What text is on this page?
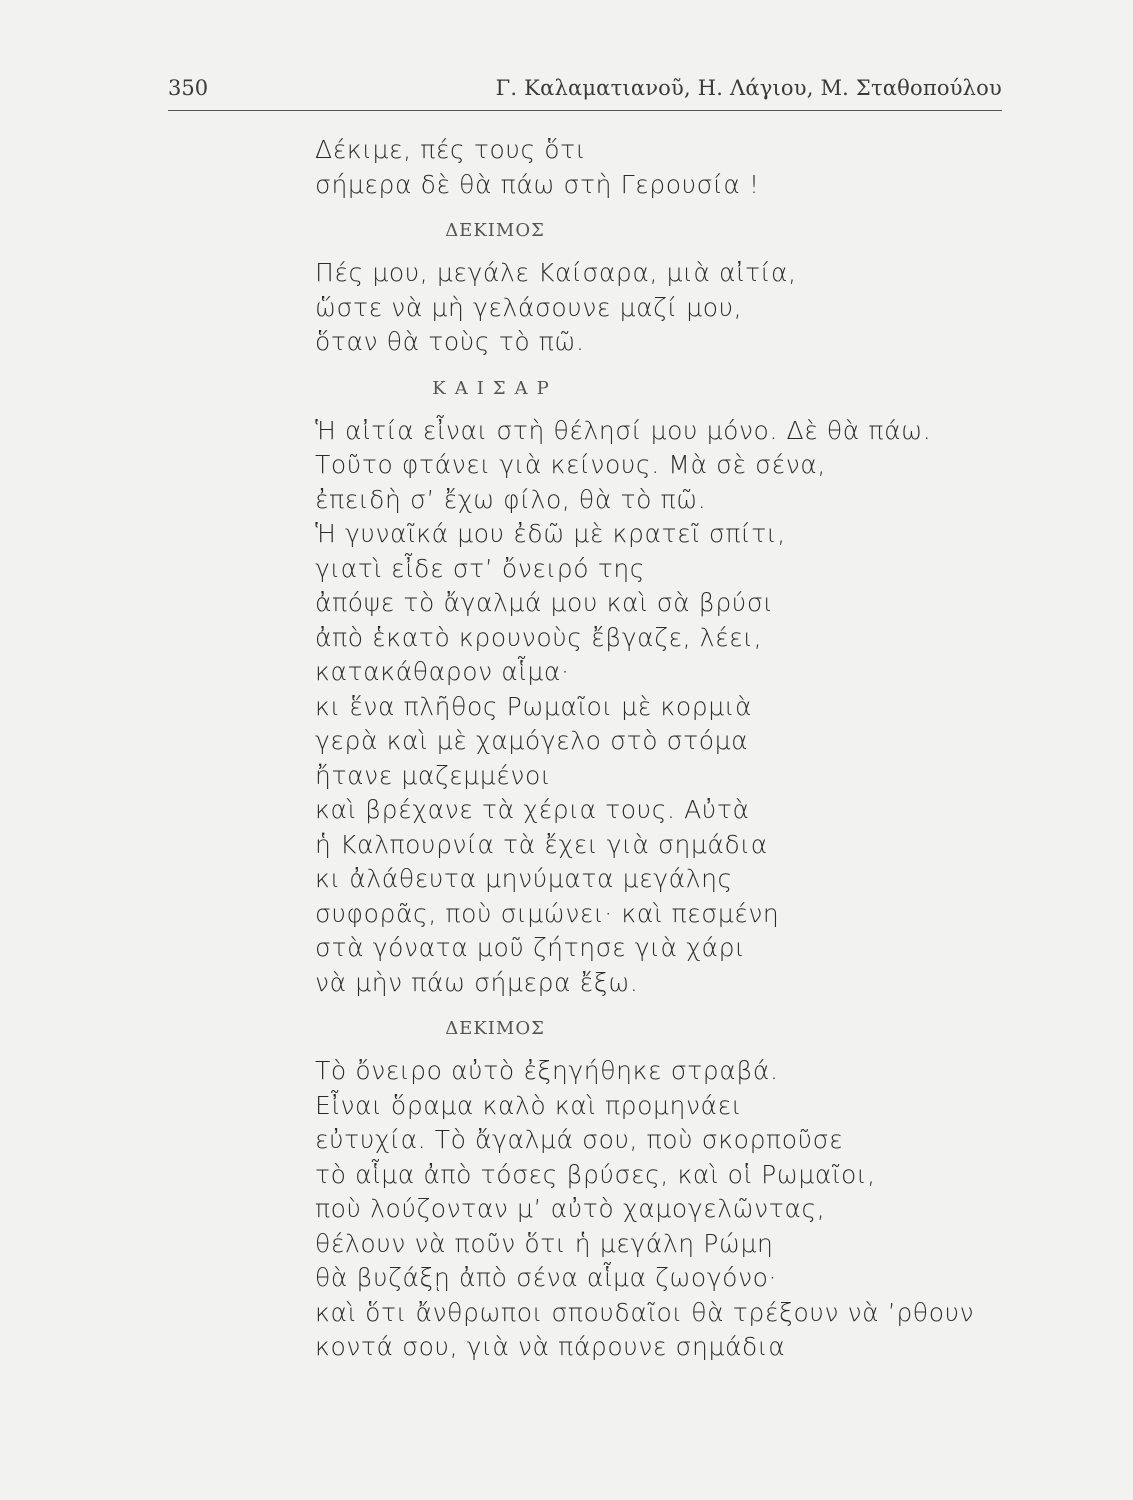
350	Γ. Καλαματιανοῦ, Η. Λάγιου, Μ. Σταθοπούλου
Δέκιμε, πές τους ὅτι
σήμερα δὲ θὰ πάω στὴ Γερουσία !
ΔΕΚΙΜΟΣ
Πές μου, μεγάλε Καίσαρα, μιὰ αἰτία,
ὥστε νὰ μὴ γελάσουνε μαζί μου,
ὅταν θὰ τοὺς τὸ πῶ.
ΚΑΙΣΑΡ
Ἡ αἰτία εἶναι στὴ θέλησί μου μόνο. Δὲ θὰ πάω.
Τοῦτο φτάνει γιὰ κείνους. Μὰ σὲ σένα,
ἐπειδὴ σ’ ἔχω φίλο, θὰ τὸ πῶ.
Ἡ γυναῖκά μου ἐδῶ μὲ κρατεῖ σπίτι,
γιατὶ εἶδε στ’ ὄνειρό της
ἀπόψε τὸ ἄγαλμά μου καὶ σὰ βρύσι
ἀπὸ ἑκατὸ κρουνοὺς ἔβγαζε, λέει,
κατακάθαρον αἷμα·
κι ἕνα πλῆθος Ρωμαῖοι μὲ κορμιὰ
γερὰ καὶ μὲ χαμόγελο στὸ στόμα
ἤτανε μαζεμμένοι
καὶ βρέχανε τὰ χέρια τους. Αὐτὰ
ἡ Καλπουρνία τὰ ἔχει γιὰ σημάδια
κι ἀλάθευτα μηνύματα μεγάλης
συφορᾶς, ποὺ σιμώνει· καὶ πεσμένη
στὰ γόνατα μοῦ ζήτησε γιὰ χάρι
νὰ μὴν πάω σήμερα ἔξω.
ΔΕΚΙΜΟΣ
Τὸ ὄνειρο αὐτὸ ἐξηγήθηκε στραβά.
Εἶναι ὅραμα καλὸ καὶ προμηνάει
εὐτυχία. Τὸ ἄγαλμά σου, ποὺ σκορποῦσε
τὸ αἷμα ἀπὸ τόσες βρύσες, καὶ οἱ Ρωμαῖοι,
ποὺ λούζονταν μ’ αὐτὸ χαμογελῶντας,
θέλουν νὰ ποῦν ὅτι ἡ μεγάλη Ρώμη
θὰ βυζάξῃ ἀπὸ σένα αἷμα ζωογόνο·
καὶ ὅτι ἄνθρωποι σπουδαῖοι θὰ τρέξουν νὰ ’ρθουν
κοντά σου, γιὰ νὰ πάρουνε σημάδια
